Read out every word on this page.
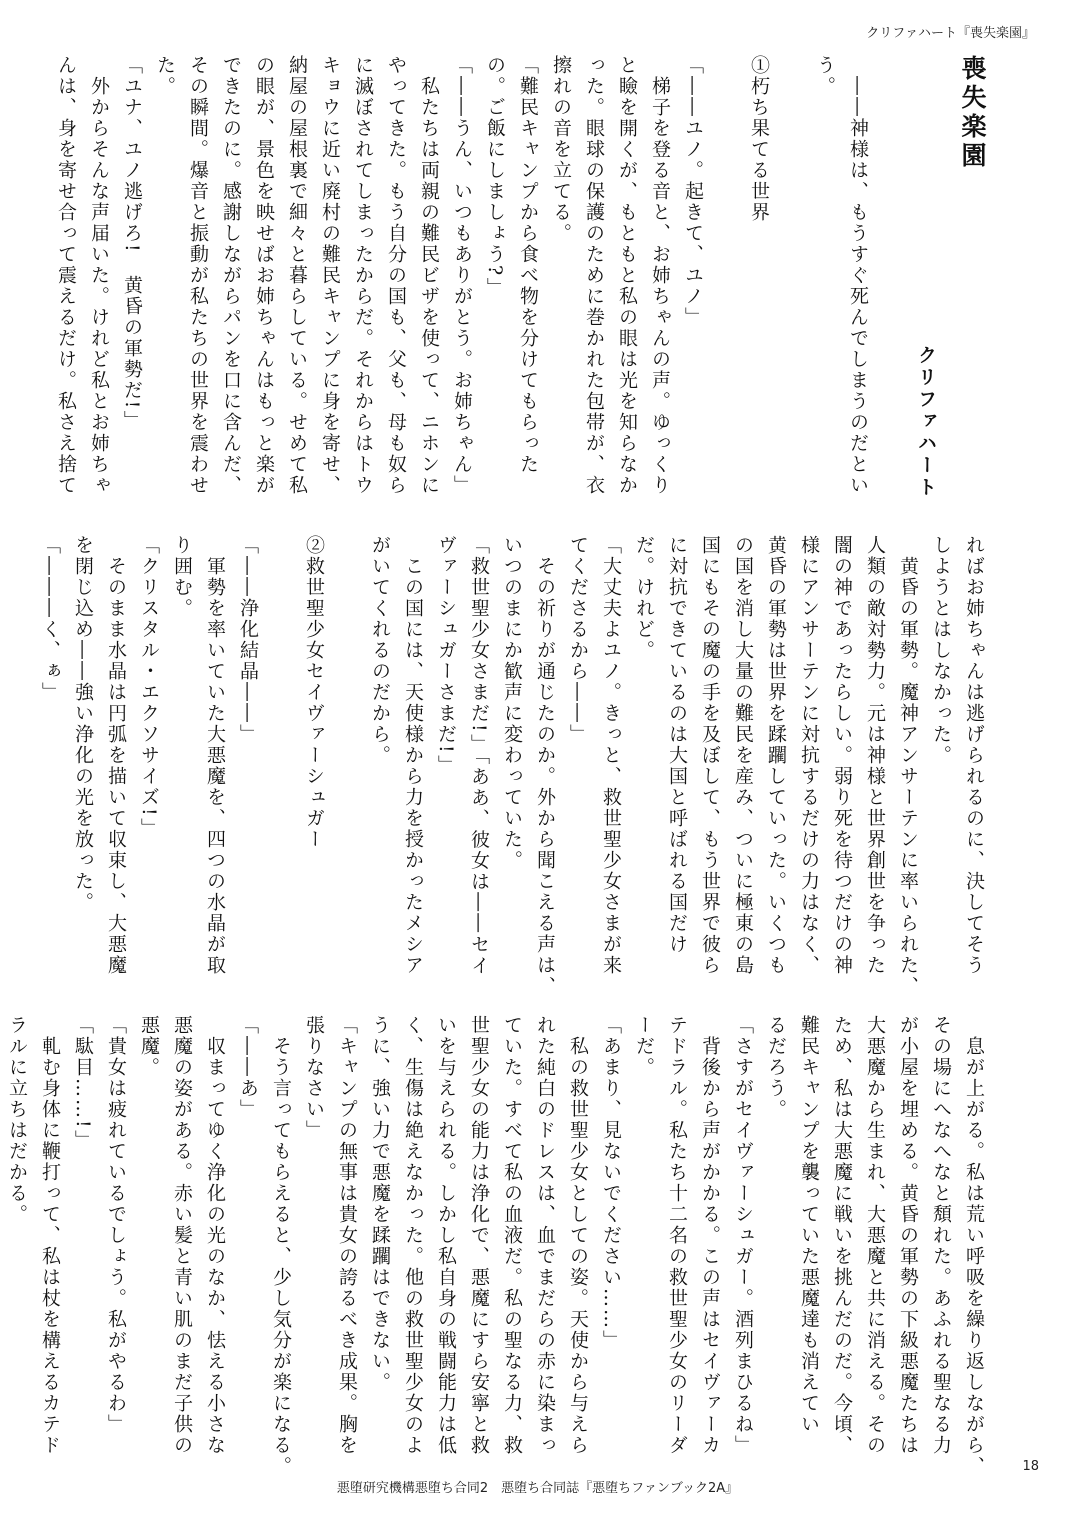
クリファハート『喪失楽園』
喪失楽園
クリファハート
　――神様は、もうすぐ死んでしまうのだとい
う。
①朽ち果てる世界
「――ユノ。起きて、ユノ」
　梯子を登る音と、お姉ちゃんの声。ゆっくり
と瞼を開くが、もともと私の眼は光を知らなか
った。眼球の保護のために巻かれた包帯が、衣
擦れの音を立てる。
「難民キャンプから食べ物を分けてもらった
の。ご飯にしましょう?」
「――うん、いつもありがとう。お姉ちゃん」
　私たちは両親の難民ビザを使って、ニホンに
やってきた。もう自分の国も、父も、母も奴ら
に滅ぼされてしまったからだ。それからはトウ
キョウに近い廃村の難民キャンプに身を寄せ、
納屋の屋根裏で細々と暮らしている。せめて私
の眼が、景色を映せばお姉ちゃんはもっと楽が
できたのに。感謝しながらパンを口に含んだ、
その瞬間。爆音と振動が私たちの世界を震わせ
た。
「ユナ、ユノ逃げろ!　黄昏の軍勢だ!」
　外からそんな声届いた。けれど私とお姉ちゃ
んは、身を寄せ合って震えるだけ。私さえ捨て
ればお姉ちゃんは逃げられるのに、決してそう
しようとはしなかった。
　黄昏の軍勢。魔神アンサーテンに率いられた、
人類の敵対勢力。元は神様と世界創世を争った
闇の神であったらしい。弱り死を待つだけの神
様にアンサーテンに対抗するだけの力はなく、
黄昏の軍勢は世界を蹂躙していった。いくつも
の国を消し大量の難民を産み、ついに極東の島
国にもその魔の手を及ぼして、もう世界で彼ら
に対抗できているのは大国と呼ばれる国だけ
だ。けれど。
「大丈夫よユノ。きっと、救世聖少女さまが来
てくださるから――」
　その祈りが通じたのか。外から聞こえる声は、
いつのまにか歓声に変わっていた。
「救世聖少女さまだ!」「ああ、彼女は――セイ
ヴァーシュガーさまだ!」
　この国には、天使様から力を授かったメシア
がいてくれるのだから。
②救世聖少女セイヴァーシュガー
「――浄化結晶――」
　軍勢を率いていた大悪魔を、四つの水晶が取
り囲む。
「クリスタル・エクソサイズ!」
　そのまま水晶は円弧を描いて収束し、大悪魔
を閉じ込め――強い浄化の光を放った。
「―――く、ぁ」
　息が上がる。私は荒い呼吸を繰り返しながら、
その場にへなへなと頽れた。あふれる聖なる力
が小屋を埋める。黄昏の軍勢の下級悪魔たちは
大悪魔から生まれ、大悪魔と共に消える。その
ため、私は大悪魔に戦いを挑んだのだ。今頃、
難民キャンプを襲っていた悪魔達も消えてい
るだろう。
「さすがセイヴァーシュガー。酒列まひるね」
　背後から声がかかる。この声はセイヴァーカ
テドラル。私たち十二名の救世聖少女のリーダ
ーだ。
「あまり、見ないでください……」
　私の救世聖少女としての姿。天使から与えら
れた純白のドレスは、血でまだらの赤に染まっ
ていた。すべて私の血液だ。私の聖なる力、救
世聖少女の能力は浄化で、悪魔にすら安寧と救
いを与えられる。しかし私自身の戦闘能力は低
く、生傷は絶えなかった。他の救世聖少女のよ
うに、強い力で悪魔を蹂躙はできない。
「キャンプの無事は貴女の誇るべき成果。胸を
張りなさい」
　そう言ってもらえると、少し気分が楽になる。
「――あ」
　収まってゆく浄化の光のなか、怯える小さな
悪魔の姿がある。赤い髪と青い肌のまだ子供の
悪魔。
「貴女は疲れているでしょう。私がやるわ」
「駄目……!」
　軋む身体に鞭打って、私は杖を構えるカテド
ラルに立ちはだかる。
18
悪堕研究機構悪堕ち合同2　悪堕ち合同誌『悪堕ちファンブック2A』
